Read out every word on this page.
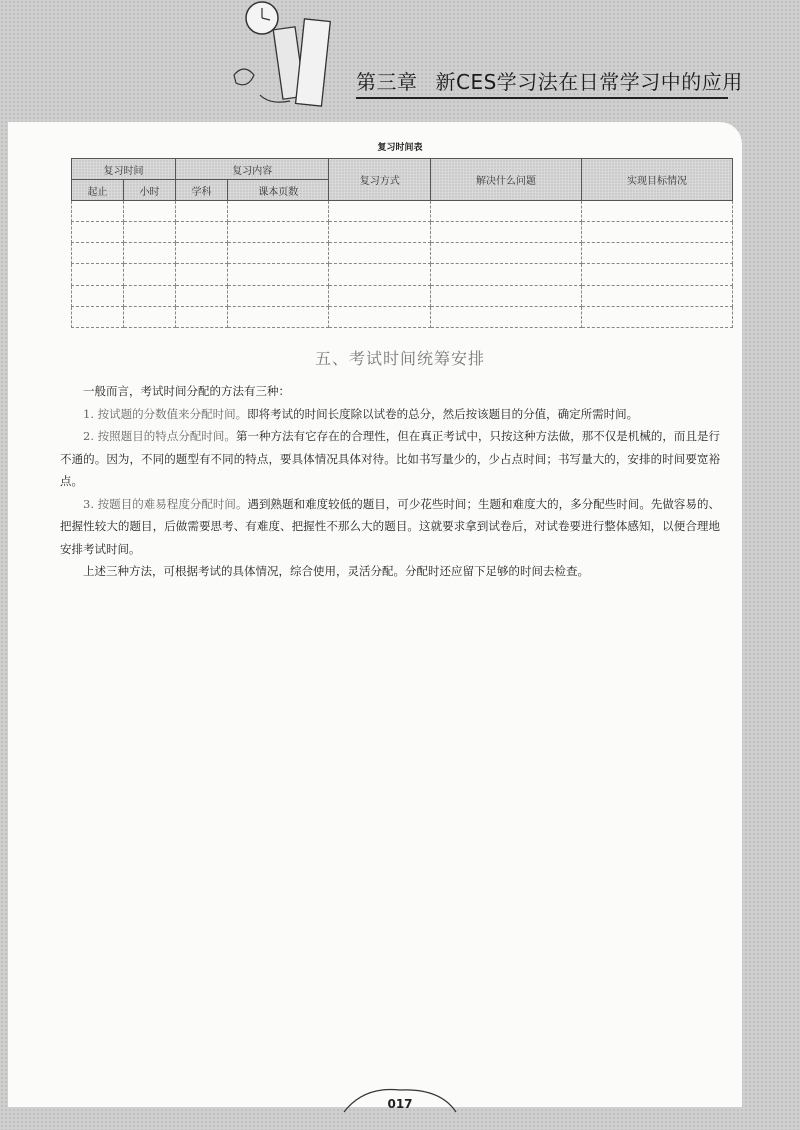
第三章 新CES学习法在日常学习中的应用
复习时间表
复习时间		复习内容		复习方式	解决什么问题	实现目标情况
起止	小时	学科	课本页数			

五、考试时间统筹安排

一般而言，考试时间分配的方法有三种：

1. 按试题的分数值来分配时间。即将考试的时间长度除以试卷的总分，然后按该题目的分值，确定所需时间。

2. 按照题目的特点分配时间。第一种方法有它存在的合理性，但在真正考试中，只按这种方法做，那不仅是机械的，而且是行不通的。因为，不同的题型有不同的特点，要具体情况具体对待。比如书写量少的，少占点时间；书写量大的，安排的时间要宽裕点。

3. 按题目的难易程度分配时间。遇到熟题和难度较低的题目，可少花些时间；生题和难度大的，多分配些时间。先做容易的、把握性较大的题目，后做需要思考、有难度、把握性不那么大的题目。这就要求拿到试卷后，对试卷要进行整体感知，以便合理地安排考试时间。

上述三种方法，可根据考试的具体情况，综合使用，灵活分配。分配时还应留下足够的时间去检查。

017
